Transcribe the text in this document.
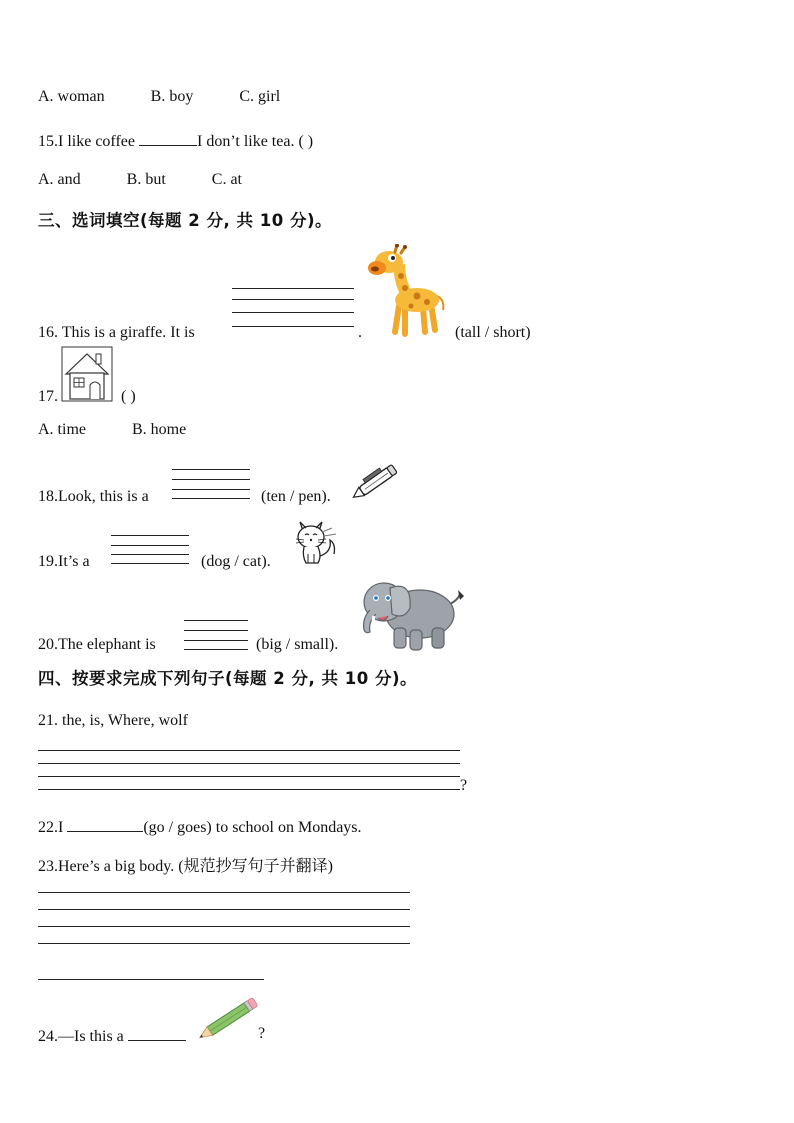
A. woman	B. boy	C. girl
15.I like coffee	I don’t like tea. ( )
A. and	B. but	C. at
三、选词填空(每题 2 分, 共 10 分)。
16. This is a giraffe. It is	.	(tall / short)
17.	( )
A. time	B. home
18.Look, this is a	(ten / pen).
19.It’s a	(dog / cat).
20.The elephant is	(big / small).
四、按要求完成下列句子(每题 2 分, 共 10 分)。
21. the, is, Where, wolf
?
22.I	(go / goes) to school on Mondays.
23.Here’s a big body. (规范抄写句子并翻译)
24.—Is this a	?
